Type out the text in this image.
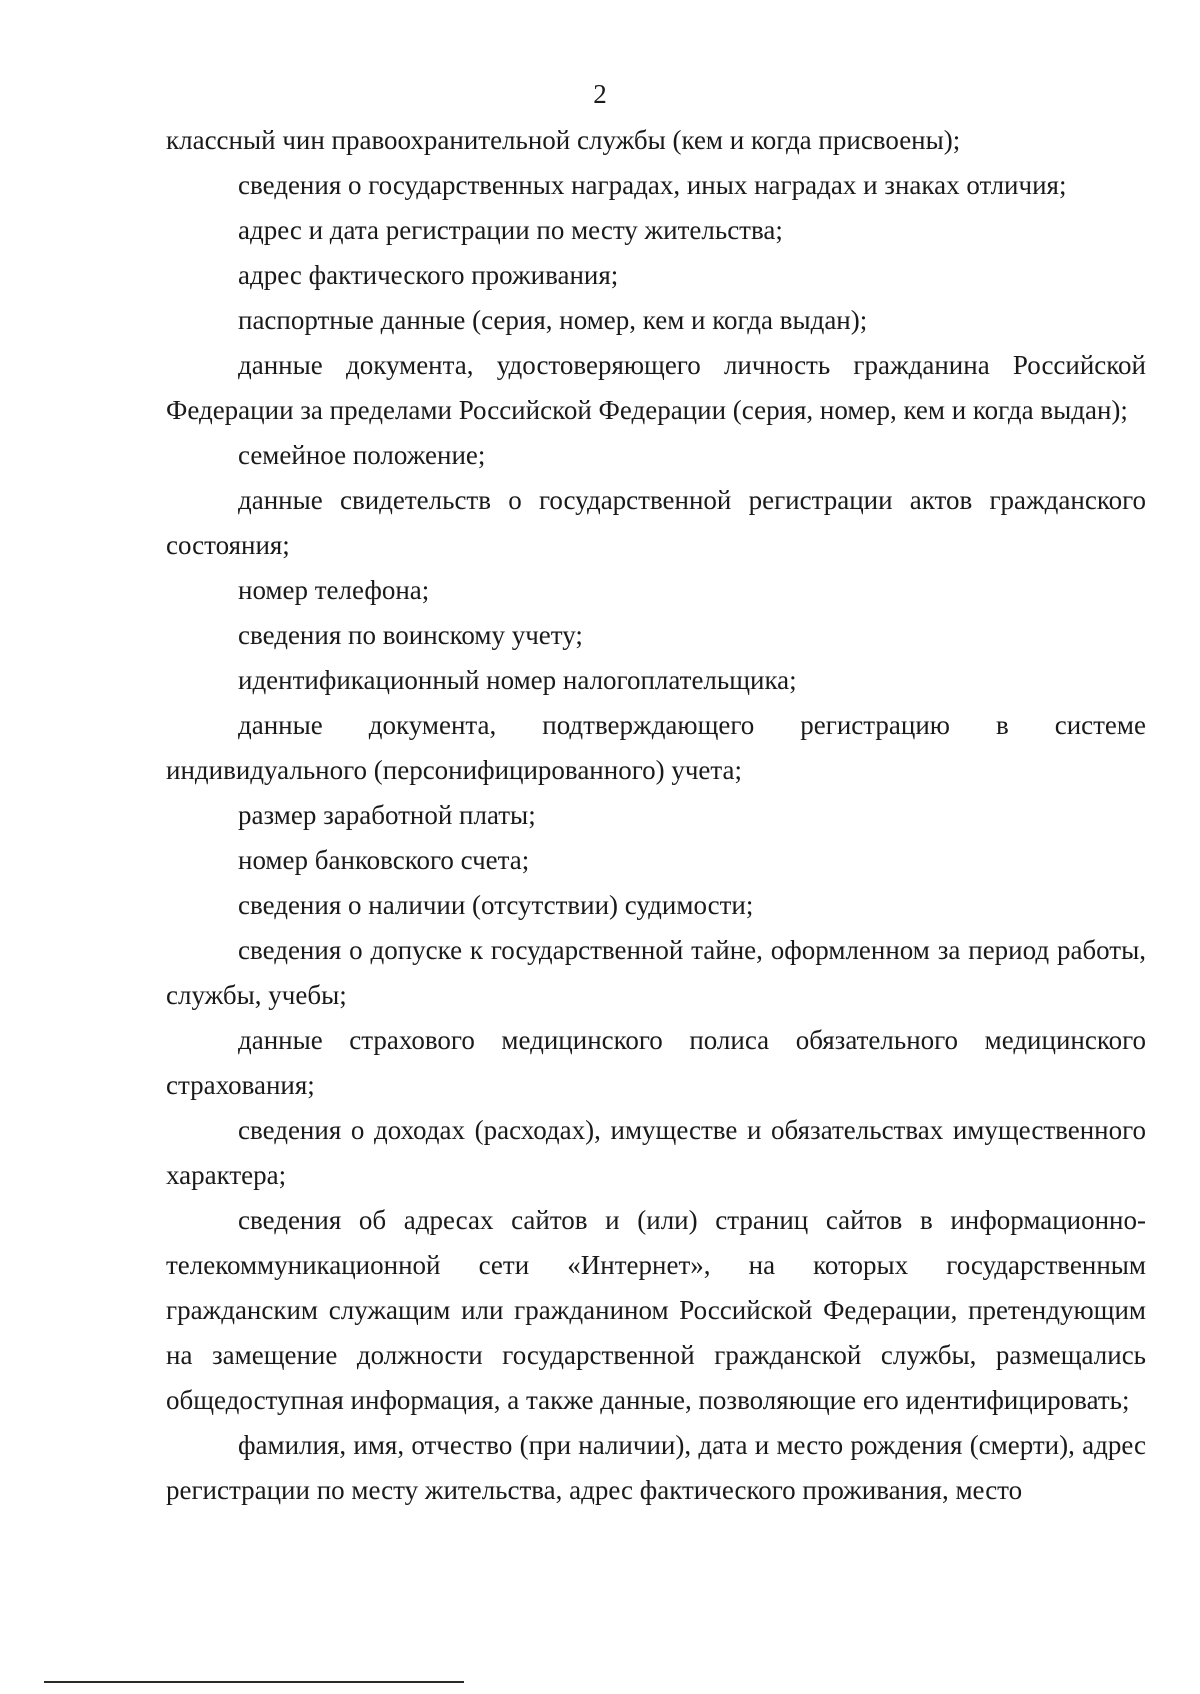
2

классный чин правоохранительной службы (кем и когда присвоены);

сведения о государственных наградах, иных наградах и знаках отличия;

адрес и дата регистрации по месту жительства;

адрес фактического проживания;

паспортные данные (серия, номер, кем и когда выдан);

данные документа, удостоверяющего личность гражданина Российской Федерации за пределами Российской Федерации (серия, номер, кем и когда выдан);

семейное положение;

данные свидетельств о государственной регистрации актов гражданского состояния;

номер телефона;

сведения по воинскому учету;

идентификационный номер налогоплательщика;

данные документа, подтверждающего регистрацию в системе индивидуального (персонифицированного) учета;

размер заработной платы;

номер банковского счета;

сведения о наличии (отсутствии) судимости;

сведения о допуске к государственной тайне, оформленном за период работы, службы, учебы;

данные страхового медицинского полиса обязательного медицинского страхования;

сведения о доходах (расходах), имуществе и обязательствах имущественного характера;

сведения об адресах сайтов и (или) страниц сайтов в информационно-телекоммуникационной сети «Интернет», на которых государственным гражданским служащим или гражданином Российской Федерации, претендующим на замещение должности государственной гражданской службы, размещались общедоступная информация, а также данные, позволяющие его идентифицировать;

фамилия, имя, отчество (при наличии), дата и место рождения (смерти), адрес регистрации по месту жительства, адрес фактического проживания, место
